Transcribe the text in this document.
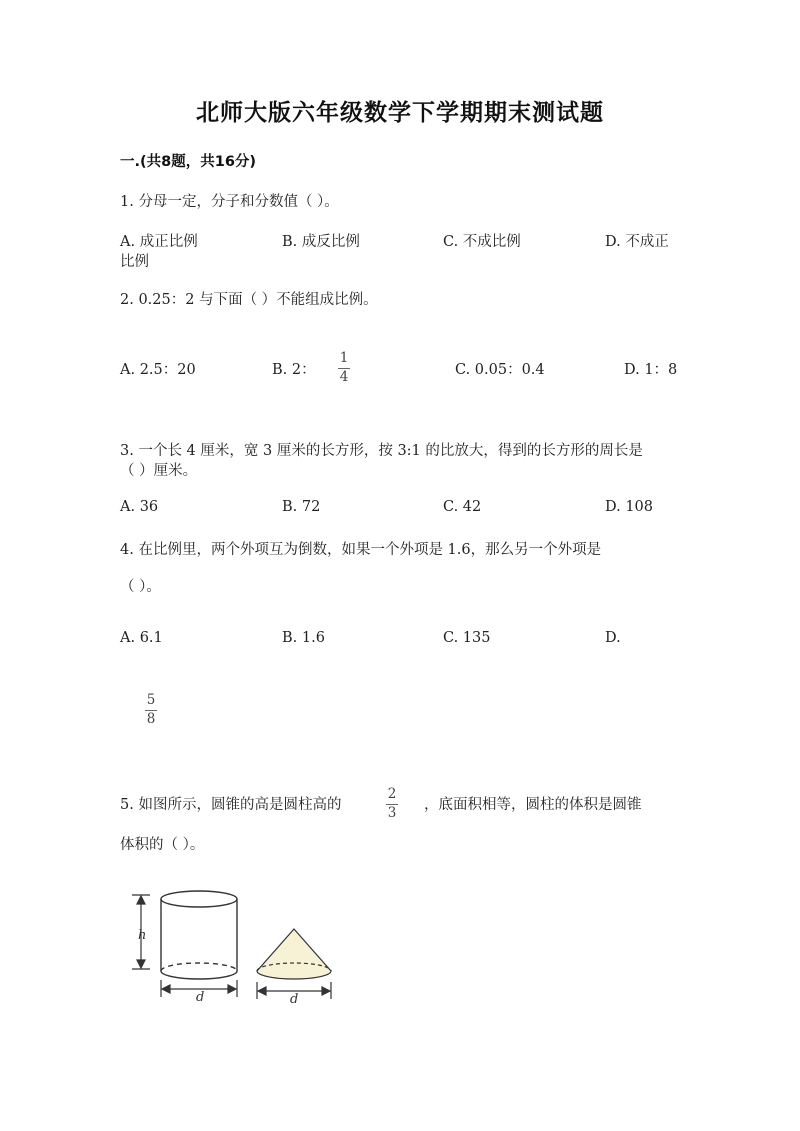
北师大版六年级数学下学期期末测试题
一.(共8题，共16分)
1. 分母一定，分子和分数值（ ）。
A. 成正比例	B. 成反比例	C. 不成比例	D. 不成正
比例
2. 0.25：2 与下面（ ）不能组成比例。
A. 2.5：20	B. 2：
1
4	C. 0.05：0.4	D. 1：8
3. 一个长 4 厘米，宽 3 厘米的长方形，按 3:1 的比放大，得到的长方形的周长是
（ ）厘米。
A. 36	B. 72	C. 42	D. 108
4. 在比例里，两个外项互为倒数，如果一个外项是 1.6，那么另一个外项是
（ ）。
A. 6.1	B. 1.6	C. 135	D.
5
8
5. 如图所示，圆锥的高是圆柱高的
2
3 ，底面积相等，圆柱的体积是圆锥
体积的（ ）。
h
d	d
